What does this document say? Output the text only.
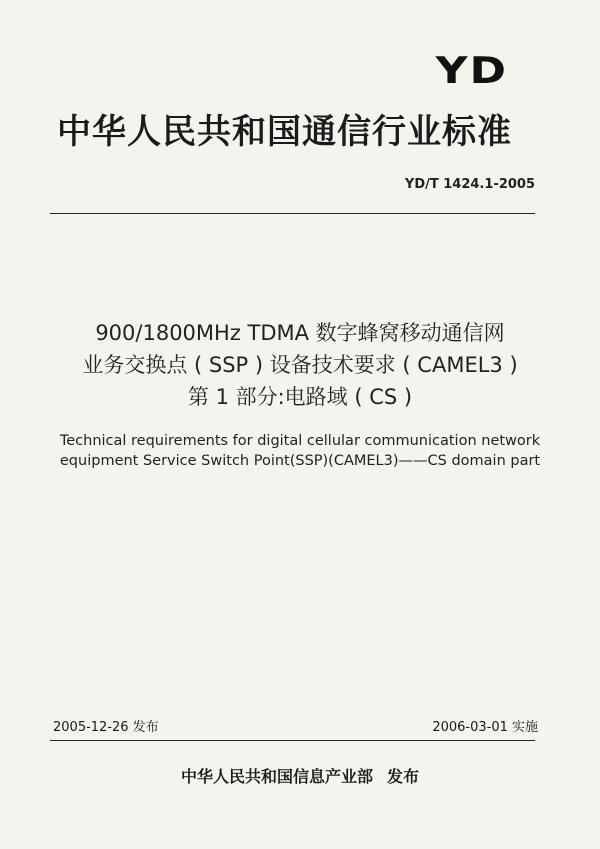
YD
中华人民共和国通信行业标准
YD/T 1424.1-2005
900/1800MHz TDMA 数字蜂窝移动通信网
业务交换点 ( SSP ) 设备技术要求 ( CAMEL3 )
第 1 部分:电路域 ( CS )
Technical requirements for digital cellular communication network
equipment Service Switch Point(SSP)(CAMEL3)——CS domain part
2005-12-26 发布	2006-03-01 实施
中华人民共和国信息产业部 发布
